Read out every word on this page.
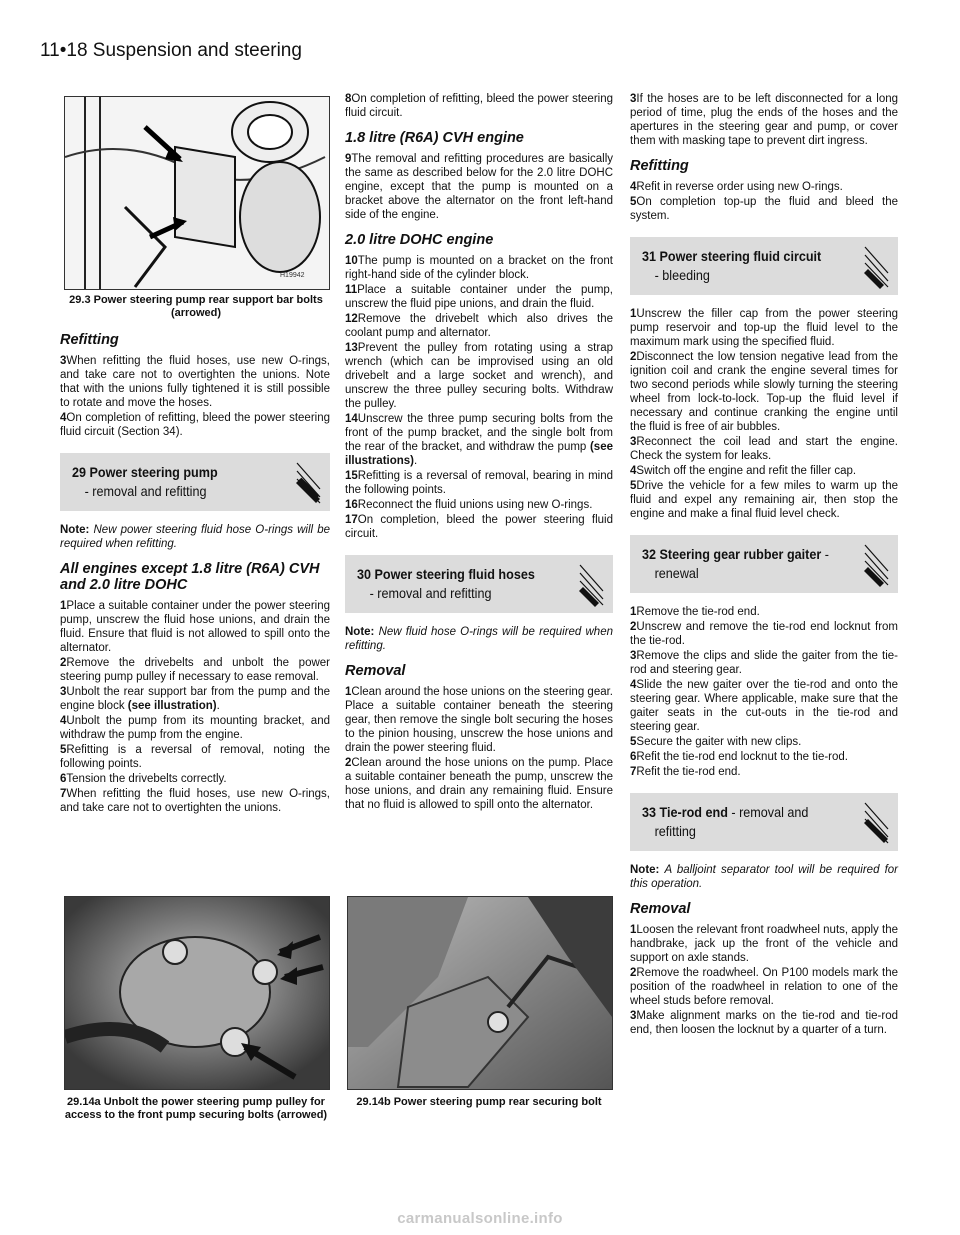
11•18 Suspension and steering
H19942
29.3 Power steering pump rear support bar bolts (arrowed)
Refitting

3When refitting the fluid hoses, use new O-rings, and take care not to overtighten the unions. Note that with the unions fully tightened it is still possible to rotate and move the hoses.

4On completion of refitting, bleed the power steering fluid circuit (Section 34).

29 Power steering pump
- removal and refitting

Note: New power steering fluid hose O-rings will be required when refitting.

All engines except 1.8 litre (R6A) CVH and 2.0 litre DOHC

1Place a suitable container under the power steering pump, unscrew the fluid hose unions, and drain the fluid. Ensure that fluid is not allowed to spill onto the alternator.

2Remove the drivebelts and unbolt the power steering pump pulley if necessary to ease removal.

3Unbolt the rear support bar from the pump and the engine block (see illustration).

4Unbolt the pump from its mounting bracket, and withdraw the pump from the engine.

5Refitting is a reversal of removal, noting the following points.

6Tension the drivebelts correctly.

7When refitting the fluid hoses, use new O-rings, and take care not to overtighten the unions.

8On completion of refitting, bleed the power steering fluid circuit.

1.8 litre (R6A) CVH engine

9The removal and refitting procedures are basically the same as described below for the 2.0 litre DOHC engine, except that the pump is mounted on a bracket above the alternator on the front left-hand side of the engine.

2.0 litre DOHC engine

10The pump is mounted on a bracket on the front right-hand side of the cylinder block.

11Place a suitable container under the pump, unscrew the fluid pipe unions, and drain the fluid.

12Remove the drivebelt which also drives the coolant pump and alternator.

13Prevent the pulley from rotating using a strap wrench (which can be improvised using an old drivebelt and a large socket and wrench), and unscrew the three pulley securing bolts. Withdraw the pulley.

14Unscrew the three pump securing bolts from the front of the pump bracket, and the single bolt from the rear of the bracket, and withdraw the pump (see illustrations).

15Refitting is a reversal of removal, bearing in mind the following points.

16Reconnect the fluid unions using new O-rings.

17On completion, bleed the power steering fluid circuit.

30 Power steering fluid hoses
- removal and refitting

Note: New fluid hose O-rings will be required when refitting.

Removal

1Clean around the hose unions on the steering gear. Place a suitable container beneath the steering gear, then remove the single bolt securing the hoses to the pinion housing, unscrew the hose unions and drain the power steering fluid.

2Clean around the hose unions on the pump. Place a suitable container beneath the pump, unscrew the hose unions, and drain any remaining fluid. Ensure that no fluid is allowed to spill onto the alternator.

3If the hoses are to be left disconnected for a long period of time, plug the ends of the hoses and the apertures in the steering gear and pump, or cover them with masking tape to prevent dirt ingress.

Refitting

4Refit in reverse order using new O-rings.

5On completion top-up the fluid and bleed the system.

31 Power steering fluid circuit
- bleeding

1Unscrew the filler cap from the power steering pump reservoir and top-up the fluid level to the maximum mark using the specified fluid.

2Disconnect the low tension negative lead from the ignition coil and crank the engine several times for two second periods while slowly turning the steering wheel from lock-to-lock. Top-up the fluid level if necessary and continue cranking the engine until the fluid is free of air bubbles.

3Reconnect the coil lead and start the engine. Check the system for leaks.

4Switch off the engine and refit the filler cap.

5Drive the vehicle for a few miles to warm up the fluid and expel any remaining air, then stop the engine and make a final fluid level check.

32 Steering gear rubber gaiter -
renewal

1Remove the tie-rod end.

2Unscrew and remove the tie-rod end locknut from the tie-rod.

3Remove the clips and slide the gaiter from the tie-rod and steering gear.

4Slide the new gaiter over the tie-rod and onto the steering gear. Where applicable, make sure that the gaiter seats in the cut-outs in the tie-rod and steering gear.

5Secure the gaiter with new clips.

6Refit the tie-rod end locknut to the tie-rod.

7Refit the tie-rod end.

33 Tie-rod end - removal and
refitting

Note: A balljoint separator tool will be required for this operation.

Removal

1Loosen the relevant front roadwheel nuts, apply the handbrake, jack up the front of the vehicle and support on axle stands.

2Remove the roadwheel. On P100 models mark the position of the roadwheel in relation to one of the wheel studs before removal.

3Make alignment marks on the tie-rod and tie-rod end, then loosen the locknut by a quarter of a turn.

29.14a Unbolt the power steering pump pulley for access to the front pump securing bolts (arrowed)
29.14b Power steering pump rear securing bolt
carmanualsonline.info
